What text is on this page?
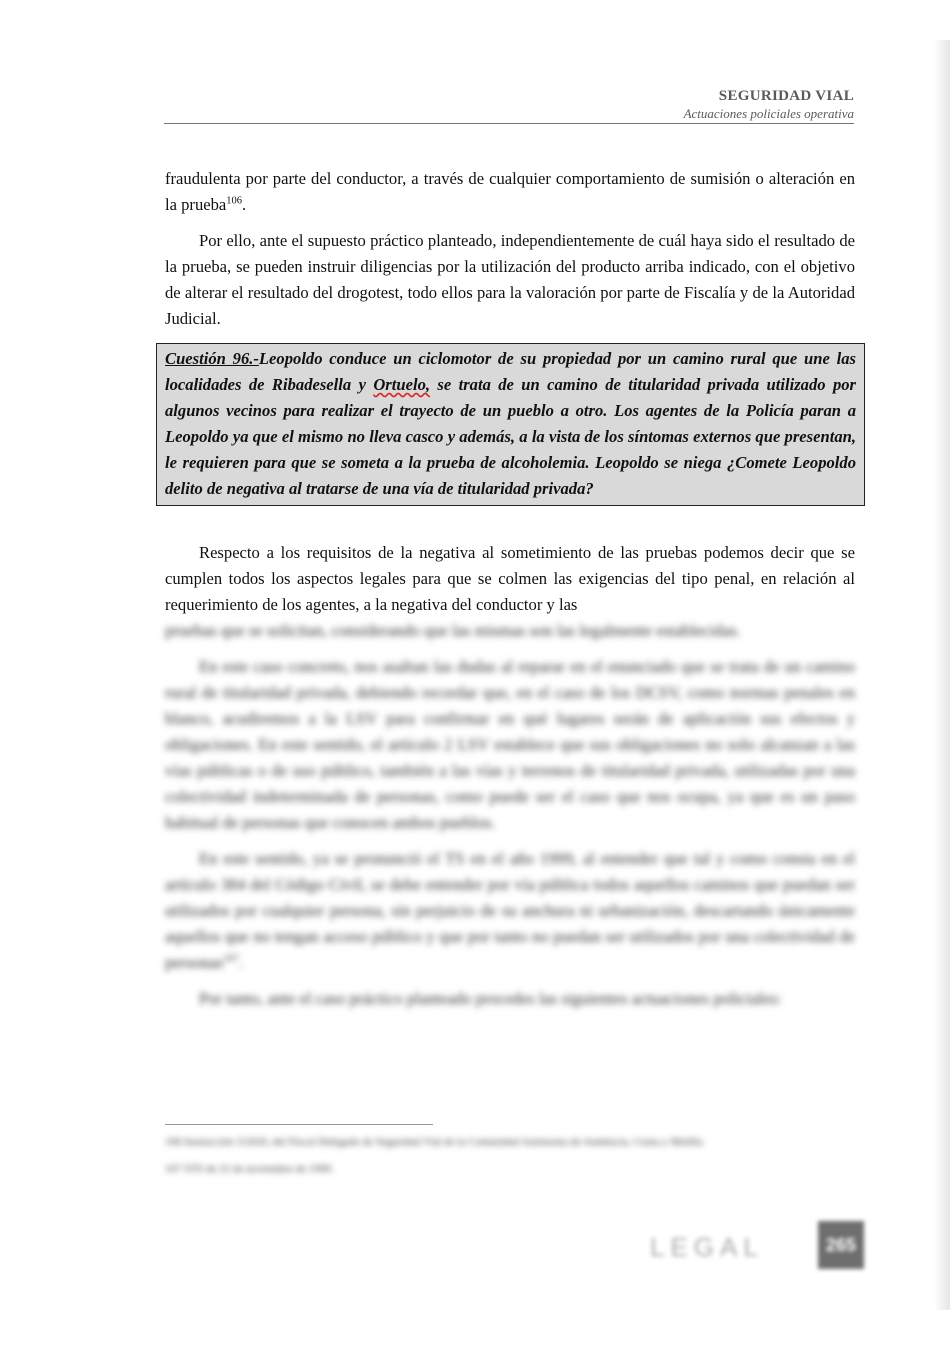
SEGURIDAD VIAL
Actuaciones policiales operativa

fraudulenta por parte del conductor, a través de cualquier comportamiento de sumisión o alteración en la prueba$^{106}$.

Por ello, ante el supuesto práctico planteado, independientemente de cuál haya sido el resultado de la prueba, se pueden instruir diligencias por la utilización del producto arriba indicado, con el objetivo de alterar el resultado del drogotest, todo ellos para la valoración por parte de Fiscalía y de la Autoridad Judicial.

Cuestión 96.-Leopoldo conduce un ciclomotor de su propiedad por un camino rural que une las localidades de Ribadesella y Ortuelo, se trata de un camino de titularidad privada utilizado por algunos vecinos para realizar el trayecto de un pueblo a otro. Los agentes de la Policía paran a Leopoldo ya que el mismo no lleva casco y además, a la vista de los síntomas externos que presentan, le requieren para que se someta a la prueba de alcoholemia. Leopoldo se niega ¿Comete Leopoldo delito de negativa al tratarse de una vía de titularidad privada?

Respecto a los requisitos de la negativa al sometimiento de las pruebas podemos decir que se cumplen todos los aspectos legales para que se colmen las exigencias del tipo penal, en relación al requerimiento de los agentes, a la negativa del conductor y las

pruebas que se solicitan, considerando que las mismas son las legalmente establecidas.

En este caso concreto, nos asaltan las dudas al reparar en el enunciado que se trata de un camino rural de titularidad privada, debiendo recordar que, en el caso de los DCSV, como normas penales en blanco, acudiremos a la LSV para confirmar en qué lugares serán de aplicación sus efectos y obligaciones. En este sentido, el artículo 2 LSV establece que sus obligaciones no solo alcanzan a las vías públicas o de uso público, también a las vías y terrenos de titularidad privada, utilizadas por una colectividad indeterminada de personas, como puede ser el caso que nos ocupa, ya que es un paso habitual de personas que conocen ambos pueblos.

En este sentido, ya se pronunció el TS en el año 1999, al entender que tal y como consta en el artículo 384 del Código Civil, se debe entender por vía pública todos aquellos caminos que puedan ser utilizados por cualquier persona, sin perjuicio de su anchura ni urbanización, descartando únicamente aquellos que no tengan acceso público y que por tanto no puedan ser utilizados por una colectividad de personas$^{107}$.

Por tanto, ante el caso práctico planteado procedes las siguientes actuaciones policiales:

106 Instrucción 3/2020, del Fiscal Delegado de Seguridad Vial de la Comunidad Autónoma de Andalucía, Ceuta y Melilla.

107 STS de 22 de noviembre de 1999.

LEGAL	265
